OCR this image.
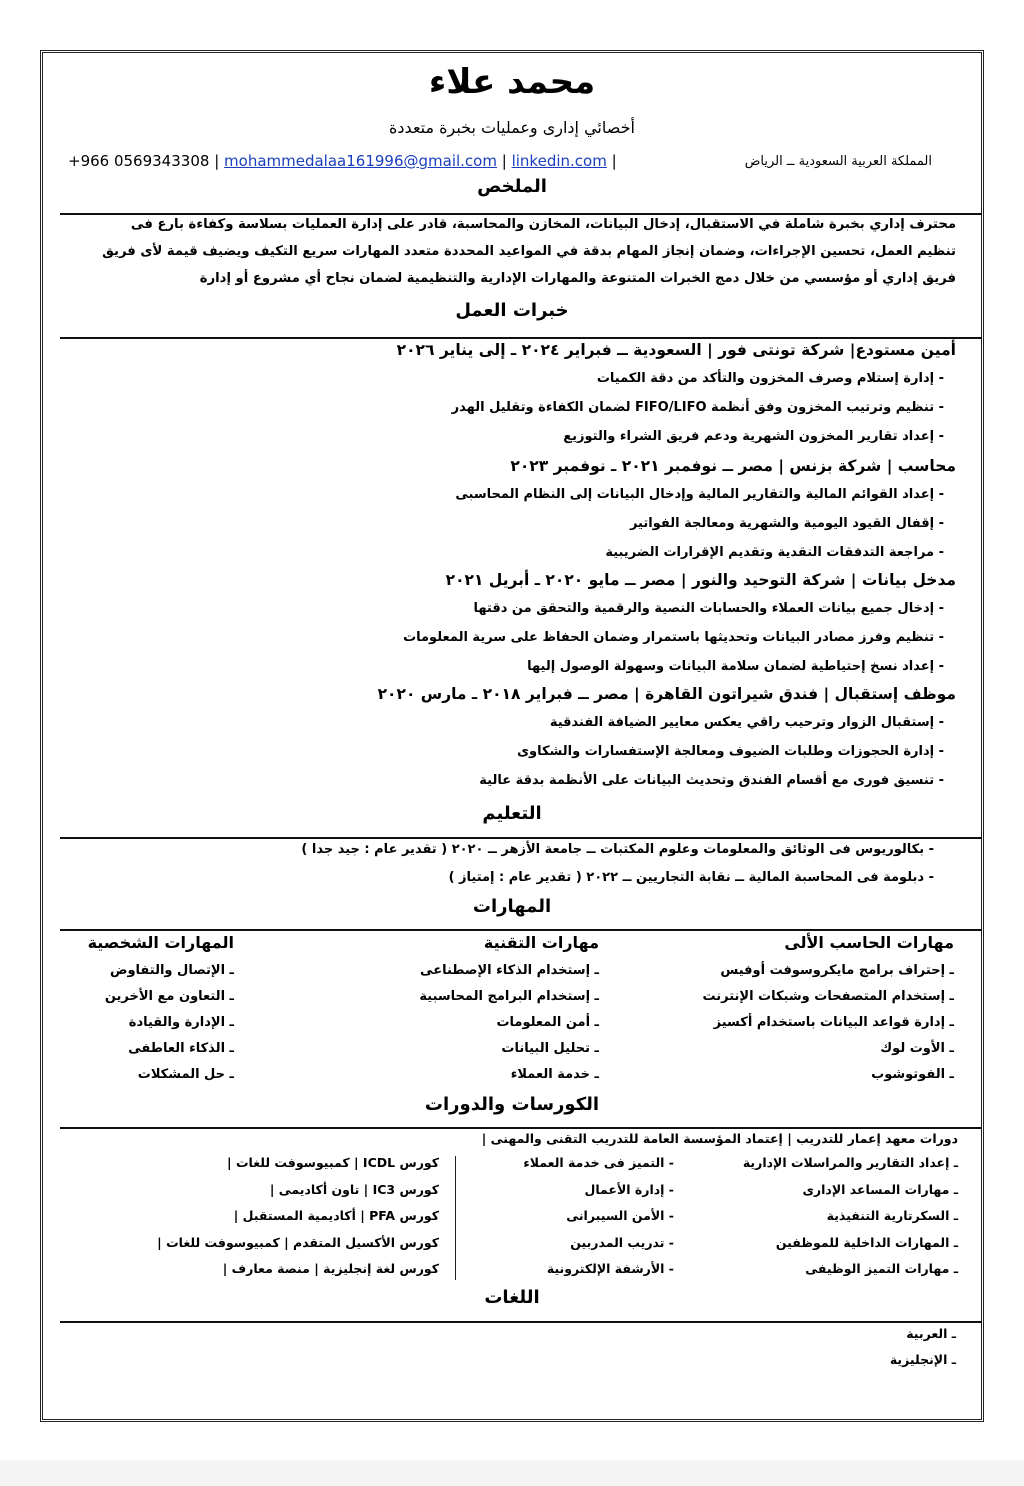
محمد علاء
أخصائي إدارى وعمليات بخبرة متعددة
+966 0569343308 | mohammedalaa161996@gmail.com | linkedin.com |	المملكة العربية السعودية ــ الرياض
الملخص
محترف إداري بخبرة شاملة في الاستقبال، إدخال البيانات، المخازن والمحاسبة، قادر على إدارة العمليات بسلاسة وكفاءة بارع فى
تنظيم العمل، تحسين الإجراءات، وضمان إنجاز المهام بدقة في المواعيد المحددة متعدد المهارات سريع التكيف ويضيف قيمة لأى فريق
فريق إداري أو مؤسسي من خلال دمج الخبرات المتنوعة والمهارات الإدارية والتنظيمية لضمان نجاح أي مشروع أو إدارة
خبرات العمل
أمين مستودع| شركة تونتى فور | السعودية ــ فبراير ٢٠٢٤ ـ إلى يناير ٢٠٢٦
- إدارة إستلام وصرف المخزون والتأكد من دقة الكميات
- تنظيم وترتيب المخزون وفق أنظمة FIFO/LIFO لضمان الكفاءة وتقليل الهدر
- إعداد تقارير المخزون الشهرية ودعم فريق الشراء والتوزيع
محاسب | شركة بزنس | مصر ــ نوفمبر ٢٠٢١ ـ نوفمبر ٢٠٢٣
- إعداد القوائم المالية والتقارير المالية وإدخال البيانات إلى النظام المحاسبى
- إقفال القيود اليومية والشهرية ومعالجة الفواتير
- مراجعة التدفقات النقدية وتقديم الإقرارات الضريبية
مدخل بيانات | شركة التوحيد والنور | مصر ــ مايو ٢٠٢٠ ـ أبريل ٢٠٢١
- إدخال جميع بيانات العملاء والحسابات النصية والرقمية والتحقق من دقتها
- تنظيم وفرز مصادر البيانات وتحديثها باستمرار وضمان الحفاظ على سرية المعلومات
- إعداد نسخ إحتياطية لضمان سلامة البيانات وسهولة الوصول إليها
موظف إستقبال | فندق شيراتون القاهرة | مصر ــ فبراير ٢٠١٨ ـ مارس ٢٠٢٠
- إستقبال الزوار وترحيب راقي يعكس معايير الضيافة الفندقية
- إدارة الحجوزات وطلبات الضيوف ومعالجة الإستفسارات والشكاوى
- تنسيق فورى مع أقسام الفندق وتحديث البيانات على الأنظمة بدقة عالية
التعليم
- بكالوريوس فى الوثائق والمعلومات وعلوم المكتبات ــ جامعة الأزهر ــ ٢٠٢٠ ( تقدير عام : جيد جدا )
- دبلومة فى المحاسبة المالية ــ نقابة التجاريين ــ ٢٠٢٢ ( تقدير عام : إمتياز )
المهارات
مهارات الحاسب الألى
ـ إحتراف برامج مايكروسوفت أوفيس
ـ إستخدام المتصفحات وشبكات الإنترنت
ـ إدارة قواعد البيانات باستخدام أكسيز
ـ الأوت لوك
ـ الفوتوشوب
مهارات التقنية
ـ إستخدام الذكاء الإصطناعى
ـ إستخدام البرامج المحاسبية
ـ أمن المعلومات
ـ تحليل البيانات
ـ خدمة العملاء
المهارات الشخصية
ـ الإتصال والتفاوض
ـ التعاون مع الأخرين
ـ الإدارة والقيادة
ـ الذكاء العاطفى
ـ حل المشكلات
الكورسات والدورات
دورات معهد إعمار للتدريب | إعتماد المؤسسة العامة للتدريب التقنى والمهنى |
ـ إعداد التقارير والمراسلات الإدارية
ـ مهارات المساعد الإدارى
ـ السكرتارية التنفيذية
ـ المهارات الداخلية للموظفين
ـ مهارات التميز الوظيفى
- التميز فى خدمة العملاء
- إدارة الأعمال
- الأمن السيبرانى
- تدريب المدربين
- الأرشفة الإلكترونية
كورس ICDL | كمبيوسوفت للغات |
كورس IC3 | تاون أكاديمى |
كورس PFA | أكاديمية المستقبل |
كورس الأكسيل المتقدم | كمبيوسوفت للغات |
كورس لغة إنجليزية | منصة معارف |
اللغات
ـ العربية
ـ الإنجليزية
